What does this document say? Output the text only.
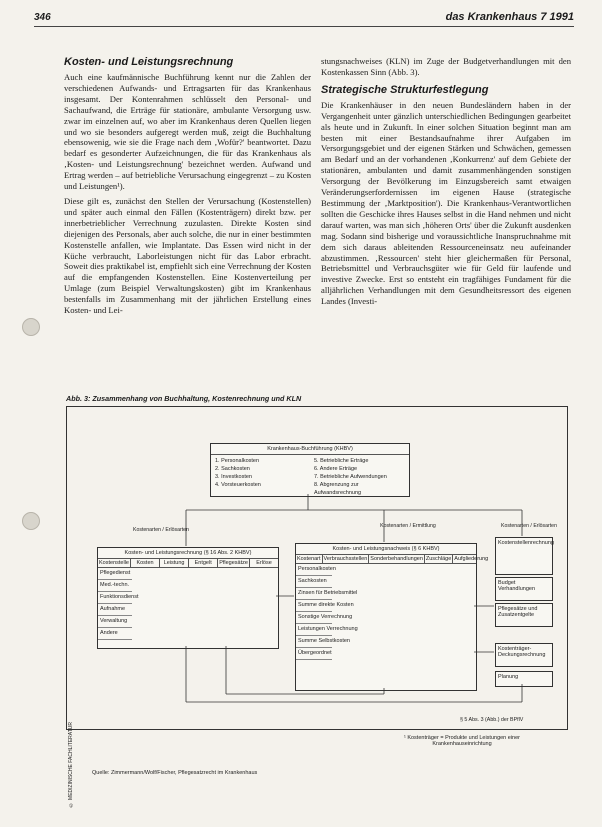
346	das Krankenhaus 7 1991
Kosten- und Leistungsrechnung

Auch eine kaufmännische Buchführung kennt nur die Zahlen der verschiedenen Aufwands- und Ertragsarten für das Krankenhaus insgesamt. Der Kontenrahmen schlüsselt den Personal- und Sachaufwand, die Erträge für stationäre, ambulante Versorgung usw. zwar im einzelnen auf, wo aber im Krankenhaus deren Quellen liegen und wo sie besonders aufgeregt werden muß, zeigt die Buchhaltung ebensowenig, wie sie die Frage nach dem ‚Wofür?' beantwortet. Dazu bedarf es gesonderter Aufzeichnungen, die für das Krankenhaus als ‚Kosten- und Leistungsrechnung' bezeichnet werden. Aufwand und Ertrag werden – auf betriebliche Verursachung eingegrenzt – zu Kosten und Leistungen¹).

Diese gilt es, zunächst den Stellen der Verursachung (Kostenstellen) und später auch einmal den Fällen (Kostenträgern) direkt bzw. per innerbetrieblicher Verrechnung zuzulasten. Direkte Kosten sind diejenigen des Personals, aber auch solche, die nur in einer bestimmten Kostenstelle anfallen, wie Implantate. Das Essen wird nicht in der Küche verbraucht, Laborleistungen nicht für das Labor erbracht. Soweit dies praktikabel ist, empfiehlt sich eine Verrechnung der Kosten auf die empfangenden Kostenstellen. Eine Kostenverteilung per Umlage (zum Beispiel Verwaltungskosten) gibt im Krankenhaus bestenfalls im Zusammenhang mit der jährlichen Erstellung eines Kosten- und Lei-

stungsnachweises (KLN) im Zuge der Budgetverhandlungen mit den Kostenkassen Sinn (Abb. 3).

Strategische Strukturfestlegung

Die Krankenhäuser in den neuen Bundesländern haben in der Vergangenheit unter gänzlich unterschiedlichen Bedingungen gearbeitet als heute und in Zukunft. In einer solchen Situation beginnt man am besten mit einer Bestandsaufnahme ihrer Aufgaben im Versorgungsgebiet und der eigenen Stärken und Schwächen, gemessen am Bedarf und an der vorhandenen ‚Konkurrenz' auf dem Gebiete der stationären, ambulanten und damit zusammenhängenden sonstigen Versorgung der Bevölkerung im Einzugsbereich samt etwaigen Veränderungserfordernissen im eigenen Hause (strategische Bestimmung der ‚Marktposition'). Die Krankenhaus-Verantwortlichen sollten die Geschicke ihres Hauses selbst in die Hand nehmen und nicht darauf warten, was man sich ‚höheren Orts' über die Zukunft ausdenken mag. Sodann sind bisherige und voraussichtliche Inanspruchnahme mit dem sich daraus ableitenden Ressourceneinsatz neu aufeinander abzustimmen. ‚Ressourcen' steht hier gleichermaßen für Personal, Betriebsmittel und Verbrauchsgüter wie für Geld für laufende und investive Zwecke. Erst so entsteht ein tragfähiges Fundament für die alljährlichen Verhandlungen mit dem Gesundheitsressort des eigenen Landes (Investi-

Abb. 3: Zusammenhang von Buchhaltung, Kostenrechnung und KLN
Krankenhaus-Buchführung (KHBV)
1. Personalkosten
2. Sachkosten
3. Investkosten
4. Vorsteuerkosten
5. Betriebliche Erträge
6. Andere Erträge
7. Betriebliche Aufwendungen
8. Abgrenzung zur Aufwandsrechnung
Kostenarten / Erlösarten
Kostenarten / Ermittlung	Kostenarten / Erlösarten
Kosten- und Leistungsrechnung (§ 16 Abs. 2 KHBV)
Kostenstelle	Kosten	Leistung	Entgelt	Pflegesätze	Erlöse
Pflegedienst
Med.-techn.
Funktionsdienst
Aufnahme
Verwaltung
Andere
Kosten- und Leistungsnachweis (§ 6 KHBV)
Kostenart Verbrauchsstellen Sonderbehandlungen Zuschläge Aufgliederung
Personalkosten
Sachkosten
Zinsen für Betriebsmittel
Summe direkte Kosten
Sonstige Verrechnung
Leistungen Verrechnung
Summe Selbstkosten
Übergeordnet
Kostenstellenrechnung
Budget Verhandlungen
Pflegesätze und Zusatzentgelte
Kostenträger-Deckungsrechnung
Planung
§ 5 Abs. 3 (Abb.) der BPflV
¹ Kostenträger = Produkte und Leistungen einer Krankenhauseinrichtung
© MEDIZINISCHE FACHLITERATUR	Quelle: Zimmermann/Wolf/Fischer, Pflegesatzrecht im Krankenhaus
